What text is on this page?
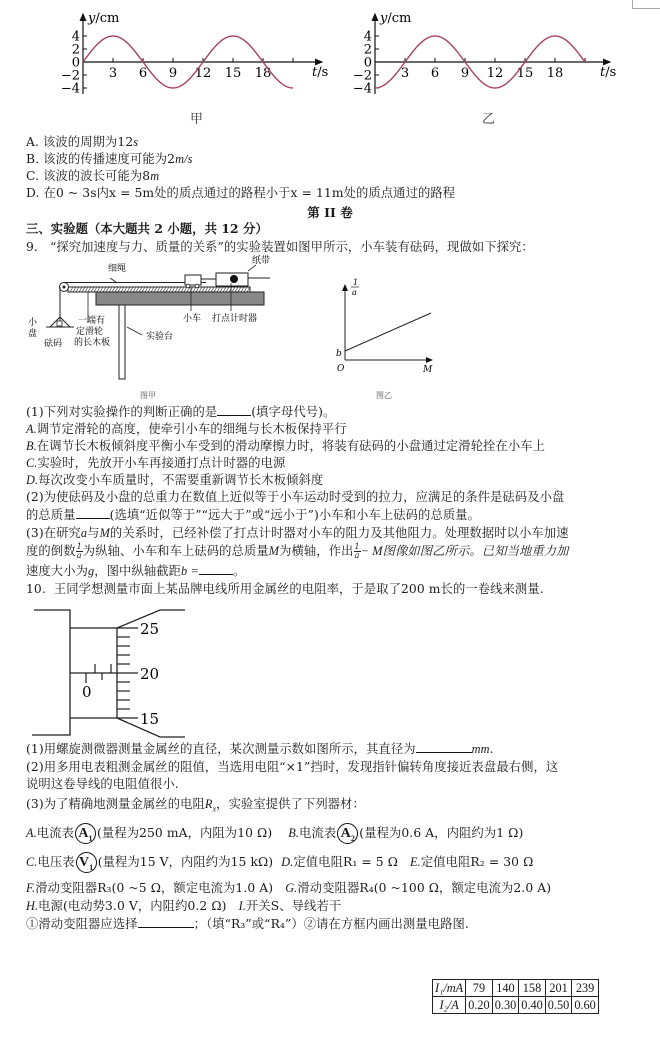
y/cm
t/s
4
2
0
−2
−4
3 6 9 12 15 18
y/cm
t/s
4
2
0
−2
−4
3 6 9 12 15 18
甲	乙
A. 该波的周期为12s
B. 该波的传播速度可能为2m/s
C. 该波的波长可能为8m
D. 在0 ~ 3s内x = 5m处的质点通过的路程小于x = 11m处的质点通过的路程
第 II 卷
三、实验题（本大题共 2 小题，共 12 分）
9. “探究加速度与力、质量的关系”的实验装置如图甲所示，小车装有砝码，现做如下探究：
细绳
纸带
小车 打点计时器
小
盘
砝码
一端有
定滑轮
的长木板
实验台
图甲
1
a
b
O	M
图乙
(1)下列对实验操作的判断正确的是	(填字母代号)。
A.调节定滑轮的高度，使牵引小车的细绳与长木板保持平行
B.在调节长木板倾斜度平衡小车受到的滑动摩擦力时，将装有砝码的小盘通过定滑轮拴在小车上
C.实验时，先放开小车再接通打点计时器的电源
D.每次改变小车质量时，不需要重新调节长木板倾斜度
(2)为使砝码及小盘的总重力在数值上近似等于小车运动时受到的拉力，应满足的条件是砝码及小盘
的总质量	(选填“近似等于”“远大于”或“远小于”)小车和小车上砝码的总质量。
(3)在研究a与M的关系时，已经补偿了打点计时器对小车的阻力及其他阻力。处理数据时以小车加速
度的倒数 $\frac{1}{a}$ 为纵轴、小车和车上砝码的总质量M为横轴，作出 $\frac{1}{a} - M$图像如图乙所示。已知当地重力加
速度大小为g，图中纵轴截距b =	。
10. 王同学想测量市面上某品牌电线所用金属丝的电阻率，于是取了200 m长的一卷线来测量.
0
25
20
15
(1)用螺旋测微器测量金属丝的直径，某次测量示数如图所示，其直径为	mm.
(2)用多用电表粗测金属丝的阻值，当选用电阻“×1”挡时，发现指针偏转角度接近表盘最右侧，这
说明这卷导线的电阻值很小.
(3)为了精确地测量金属丝的电阻$R_x$，实验室提供了下列器材：
A.电流表 $A_1$ (量程为250 mA，内阻为10 Ω) B.电流表 $A_2$ (量程为0.6 A，内阻约为1 Ω)
C.电压表 $V_1$ (量程为15 V，内阻约为15 kΩ) D.定值电阻R₁ = 5 Ω E.定值电阻R₂ = 30 Ω
F.滑动变阻器R₃(0 ~5 Ω，额定电流为1.0 A) G.滑动变阻器R₄(0 ~100 Ω，额定电流为2.0 A)
H.电源(电动势3.0 V，内阻约0.2 Ω) I.开关S、导线若干
①滑动变阻器应选择	；（填“R₃”或“R₄”）②请在方框内画出测量电路图.
I₁/mA	79	140	158	201	239
I₂/A	0.20	0.30	0.40	0.50	0.60
